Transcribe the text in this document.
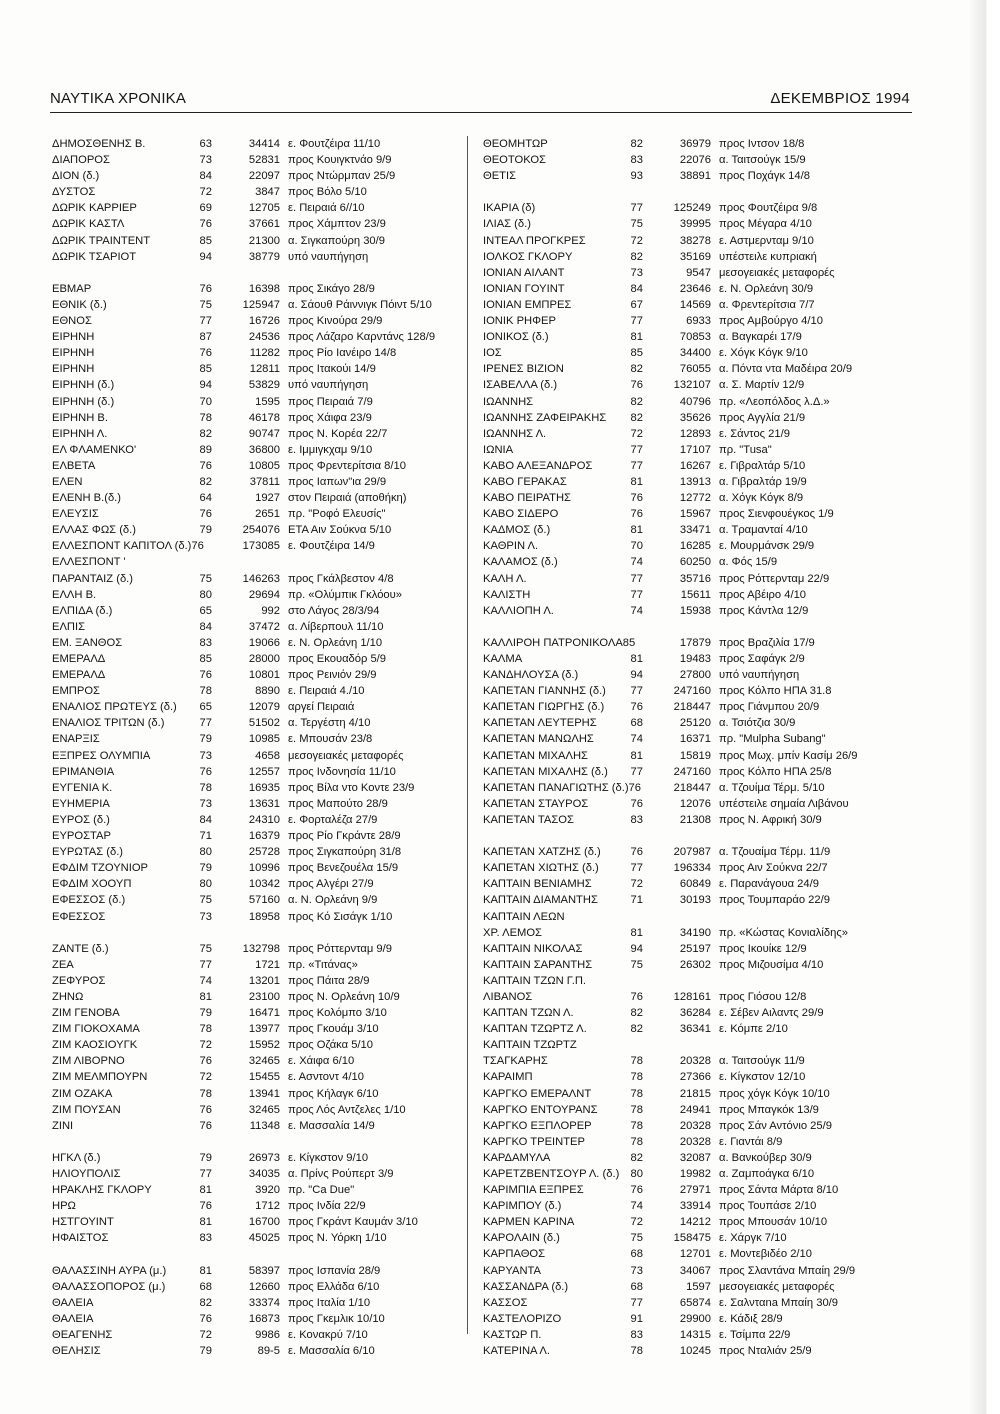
ΝΑΥΤΙΚΑ ΧΡΟΝΙΚΑ	ΔΕΚΕΜΒΡΙΟΣ 1994
ΔΗΜΟΣΘΕΝΗΣ Β.	63	34414 ε. Φουτζέιρα 11/10
ΔΙΑΠΟΡΟΣ	73	52831 προς Κουιγκτνάο 9/9
ΔΙΟΝ (δ.)	84	22097 προς Ντώρμπαν 25/9
ΔΥΣΤΟΣ	72	3847 προς Βόλο 5/10
ΔΩΡΙΚ ΚΑΡΡΙΕΡ	69	12705 ε. Πειραιά 6//10
ΔΩΡΙΚ ΚΑΣΤΛ	76	37661 προς Χάμπτον 23/9
ΔΩΡΙΚ ΤΡΑΙΝΤΕΝΤ	85	21300 α. Σιγκαπούρη 30/9
ΔΩΡΙΚ ΤΣΑΡΙΟΤ	94	38779 υπό ναυπήγηση
ΕΒΜΑΡ	76	16398 προς Σικάγο 28/9
ΕΘΝΙΚ (δ.)	75	125947 α. Σάουθ Ράιννιγκ Πόιντ 5/10
ΕΘΝΟΣ	77	16726 προς Κινούρα 29/9
ΕΙΡΗΝΗ	87	24536 προς Λάζαρο Καρντάνς 128/9
ΕΙΡΗΝΗ	76	11282 προς Ρίο Ιανέιρο 14/8
ΕΙΡΗΝΗ	85	12811 προς Ιτακούι 14/9
ΕΙΡΗΝΗ (δ.)	94	53829 υπό ναυπήγηση
ΕΙΡΗΝΗ (δ.)	70	1595 προς Πειραιά 7/9
ΕΙΡΗΝΗ Β.	78	46178 προς Χάιφα 23/9
ΕΙΡΗΝΗ Λ.	82	90747 προς Ν. Κορέα 22/7
ΕΛ ΦΛΑΜΕΝΚΟ'	89	36800 ε. Ιμμιγκχαμ 9/10
ΕΛΒΕΤΑ	76	10805 προς Φρεντερίτσια 8/10
ΕΛΕΝ	82	37811 προς Ιαπων"ια 29/9
ΕΛΕΝΗ Β.(δ.)	64	1927 στον Πειραιά (αποθήκη)
ΕΛΕΥΣΙΣ	76	2651 πρ. "Ροφό Ελευσίς"
ΕΛΛΑΣ ΦΩΣ (δ.)	79	254076 ΕΤΑ Αιν Σούκνα 5/10
ΕΛΛΕΣΠΟΝΤ ΚΑΠΙΤΟΛ (δ.)76	173085 ε. Φουτζέιρα 14/9
ΕΛΛΕΣΠΟΝΤ '
ΠΑΡΑΝΤΑΙΖ (δ.)	75	146263 προς Γκάλβεστον 4/8
ΕΛΛΗ Β.	80	29694 πρ. «Ολύμπικ Γκλόου»
ΕΛΠΙΔΑ (δ.)	65	992 στο Λάγος 28/3/94
ΕΛΠΙΣ	84	37472 α. Λίβερπουλ 11/10
ΕΜ. ΞΑΝΘΟΣ	83	19066 ε. Ν. Ορλεάνη 1/10
ΕΜΕΡΑΛΔ	85	28000 προς Εκουαδόρ 5/9
ΕΜΕΡΑΛΔ	76	10801 προς Ρεινιόν 29/9
ΕΜΠΡΟΣ	78	8890 ε. Πειραιά 4./10
ΕΝΑΛΙΟΣ ΠΡΩΤΕΥΣ (δ.)	65	12079 αργεί Πειραιά
ΕΝΑΛΙΟΣ ΤΡΙΤΩΝ (δ.)	77	51502 α. Τεργέστη 4/10
ΕΝΑΡΞΙΣ	79	10985 ε. Μπουσάν 23/8
ΕΞΠΡΕΣ ΟΛΥΜΠΙΑ	73	4658 μεσογειακές μεταφορές
ΕΡΙΜΑΝΘΙΑ	76	12557 προς Ινδονησία 11/10
ΕΥΓΕΝΙΑ Κ.	78	16935 προς Βίλα ντο Κοντε 23/9
ΕΥΗΜΕΡΙΑ	73	13631 προς Μαπούτο 28/9
ΕΥΡΟΣ (δ.)	84	24310 ε. Φορταλέζα 27/9
ΕΥΡΟΣΤΑΡ	71	16379 προς Ρίο Γκράντε 28/9
ΕΥΡΩΤΑΣ (δ.)	80	25728 προς Σιγκαπούρη 31/8
ΕΦΔΙΜ ΤΖΟΥΝΙΟΡ	79	10996 προς Βενεζουέλα 15/9
ΕΦΔΙΜ ΧΟΟΥΠ	80	10342 προς Αλγέρι 27/9
ΕΦΕΣΣΟΣ (δ.)	75	57160 α. Ν. Ορλεάνη 9/9
ΕΦΕΣΣΟΣ	73	18958 προς Κό Σισάγκ 1/10
ΖΑΝΤΕ (δ.)	75	132798 προς Ρόττερνταμ 9/9
ΖΕΑ	77	1721 πρ. «Τιτάνας»
ΖΕΦΥΡΟΣ	74	13201 προς Πάιτα 28/9
ΖΗΝΩ	81	23100 προς Ν. Ορλεάνη 10/9
ΖΙΜ ΓΕΝΟΒΑ	79	16471 προς Κολόμπο 3/10
ΖΙΜ ΓΙΟΚΟΧΑΜΑ	78	13977 προς Γκουάμ 3/10
ΖΙΜ ΚΑΟΣΙΟΥΓΚ	72	15952 προς Οζάκα 5/10
ΖΙΜ ΛΙΒΟΡΝΟ	76	32465 ε. Χάιφα 6/10
ΖΙΜ ΜΕΛΜΠΟΥΡΝ	72	15455 ε. Ασντοντ 4/10
ΖΙΜ ΟΖΑΚΑ	78	13941 προς Κήλαγκ 6/10
ΖΙΜ ΠΟΥΣΑΝ	76	32465 προς Λός Αντζελες 1/10
ΖΙΝΙ	76	11348 ε. Μασσαλία 14/9
ΗΓΚΛ (δ.)	79	26973 ε. Κίγκστον 9/10
ΗΛΙΟΥΠΟΛΙΣ	77	34035 α. Πρίνς Ρούπερτ 3/9
ΗΡΑΚΛΗΣ ΓΚΛΟΡΥ	81	3920 πρ. "Ca Due"
ΗΡΩ	76	1712 προς Ινδία 22/9
ΗΣΤΓΟΥΙΝΤ	81	16700 προς Γκράντ Καυμάν 3/10
ΗΦΑΙΣΤΟΣ	83	45025 προς Ν. Υόρκη 1/10
ΘΑΛΑΣΣΙΝΗ ΑΥΡΑ (μ.)	81	58397 προς Ισπανία 28/9
ΘΑΛΑΣΣΟΠΟΡΟΣ (μ.)	68	12660 προς Ελλάδα 6/10
ΘΑΛΕΙΑ	82	33374 προς Ιταλία 1/10
ΘΑΛΕΙΑ	76	16873 προς Γκεμλικ 10/10
ΘΕΑΓΕΝΗΣ	72	9986 ε. Κονακρύ 7/10
ΘΕΛΗΣΙΣ	79	89-5 ε. Μασσαλία 6/10
ΘΕΟΜΗΤΩΡ	82	36979 προς Ιντσον 18/8
ΘΕΟΤΟΚΟΣ	83	22076 α. Ταιτσούγκ 15/9
ΘΕΤΙΣ	93	38891 προς Ποχάγκ 14/8
ΙΚΑΡΙΑ (δ)	77	125249 προς Φουτζέιρα 9/8
ΙΛΙΑΣ (δ.)	75	39995 προς Μέγαρα 4/10
ΙΝΤΕΑΛ ΠΡΟΓΚΡΕΣ	72	38278 ε. Αστμερνταμ 9/10
ΙΟΛΚΟΣ ΓΚΛΟΡΥ	82	35169 υπέστειλε κυπριακή
ΙΟΝΙΑΝ ΑΙΛΑΝΤ	73	9547 μεσογειακές μεταφορές
ΙΟΝΙΑΝ ΓΟΥΙΝΤ	84	23646 ε. Ν. Ορλεάνη 30/9
ΙΟΝΙΑΝ ΕΜΠΡΕΣ	67	14569 α. Φρεντερίτσια 7/7
ΙΟΝΙΚ ΡΗΦΕΡ	77	6933 προς Αμβούργο 4/10
ΙΟΝΙΚΟΣ (δ.)	81	70853 α. Βαγκαρέι 17/9
ΙΟΣ	85	34400 ε. Χόγκ Κόγκ 9/10
ΙΡΕΝΕΣ ΒΙΖΙΟΝ	82	76055 α. Πόντα ντα Μαδέιρα 20/9
ΙΣΑΒΕΛΛΑ (δ.)	76	132107 α. Σ. Μαρτίν 12/9
ΙΩΑΝΝΗΣ	82	40796 πρ. «Λεοπόλδος λ.Δ.»
ΙΩΑΝΝΗΣ ΖΑΦΕΙΡΑΚΗΣ	82	35626 προς Αγγλία 21/9
ΙΩΑΝΝΗΣ Λ.	72	12893 ε. Σάντος 21/9
ΙΩΝΙΑ	77	17107 πρ. "Tusa"
ΚΑΒΟ ΑΛΕΞΑΝΔΡΟΣ	77	16267 ε. Γιβραλτάρ 5/10
ΚΑΒΟ ΓΕΡΑΚΑΣ	81	13913 α. Γιβραλτάρ 19/9
ΚΑΒΟ ΠΕΙΡΑΤΗΣ	76	12772 α. Χόγκ Κόγκ 8/9
ΚΑΒΟ ΣΙΔΕΡΟ	76	15967 προς Σιενφουέγκος 1/9
ΚΑΔΜΟΣ (δ.)	81	33471 α. Τραμανταί 4/10
ΚΑΘΡΙΝ Λ.	70	16285 ε. Μουρμάνσκ 29/9
ΚΑΛΑΜΟΣ (δ.)	74	60250 α. Φός 15/9
ΚΑΛΗ Λ.	77	35716 προς Ρόττερνταμ 22/9
ΚΑΛΙΣΤΗ	77	15611 προς Αβέιρο 4/10
ΚΑΛΛΙΟΠΗ Λ.	74	15938 προς Κάντλα 12/9
ΚΑΛΛΙΡΟΗ ΠΑΤΡΟΝΙΚΟΛΑ85	17879 προς Βραζιλία 17/9
ΚΑΛΜΑ	81	19483 προς Σαφάγκ 2/9
ΚΑΝΔΗΛΟΥΣΑ (δ.)	94	27800 υπό ναυπήγηση
ΚΑΠΕΤΑΝ ΓΙΑΝΝΗΣ (δ.)	77	247160 προς Κόλπο ΗΠΑ 31.8
ΚΑΠΕΤΑΝ ΓΙΩΡΓΗΣ (δ.)	76	218447 προς Γιάνμπου 20/9
ΚΑΠΕΤΑΝ ΛΕΥΤΕΡΗΣ	68	25120 α. Τσιότζια 30/9
ΚΑΠΕΤΑΝ ΜΑΝΩΛΗΣ	74	16371 πρ. "Mulpha Subang"
ΚΑΠΕΤΑΝ ΜΙΧΑΛΗΣ	81	15819 προς Μωχ. μπίν Κασίμ 26/9
ΚΑΠΕΤΑΝ ΜΙΧΑΛΗΣ (δ.)	77	247160 προς Κόλπο ΗΠΑ 25/8
ΚΑΠΕΤΑΝ ΠΑΝΑΓΙΩΤΗΣ (δ.)76	218447 α. Τζουίμα Τέρμ. 5/10
ΚΑΠΕΤΑΝ ΣΤΑΥΡΟΣ	76	12076 υπέστειλε σημαία Λιβάνου
ΚΑΠΕΤΑΝ ΤΑΣΟΣ	83	21308 προς Ν. Αφρική 30/9
ΚΑΠΕΤΑΝ ΧΑΤΖΗΣ (δ.)	76	207987 α. Τζουαίμα Τέρμ. 11/9
ΚΑΠΕΤΑΝ ΧΙΩΤΗΣ (δ.)	77	196334 προς Αιν Σούκνα 22/7
ΚΑΠΤΑΙΝ ΒΕΝΙΑΜΗΣ	72	60849 ε. Παρανάγουα 24/9
ΚΑΠΤΑΙΝ ΔΙΑΜΑΝΤΗΣ	71	30193 προς Τουμπαράο 22/9
ΚΑΠΤΑΙΝ ΛΕΩΝ
ΧΡ. ΛΕΜΟΣ	81	34190 πρ. «Κώστας Κονιαλίδης»
ΚΑΠΤΑΙΝ ΝΙΚΟΛΑΣ	94	25197 προς Ικουίκε 12/9
ΚΑΠΤΑΙΝ ΣΑΡΑΝΤΗΣ	75	26302 προς Μιζουσίμα 4/10
ΚΑΠΤΑΙΝ ΤΖΩΝ Γ.Π.
ΛΙΒΑΝΟΣ	76	128161 προς Γιόσου 12/8
ΚΑΠΤΑΝ ΤΖΩΝ Λ.	82	36284 ε. Σέβεν Αιλαντς 29/9
ΚΑΠΤΑΝ ΤΖΩΡΤΖ Λ.	82	36341 ε. Κόμπε 2/10
ΚΑΠΤΑΙΝ ΤΖΩΡΤΖ
ΤΣΑΓΚΑΡΗΣ	78	20328 α. Ταιτσούγκ 11/9
ΚΑΡΑΙΜΠ	78	27366 ε. Κίγκστον 12/10
ΚΑΡΓΚΟ ΕΜΕΡΑΛΝΤ	78	21815 προς χόγκ Κόγκ 10/10
ΚΑΡΓΚΟ ΕΝΤΟΥΡΑΝΣ	78	24941 προς Μπαγκόκ 13/9
ΚΑΡΓΚΟ ΕΞΠΛΟΡΕΡ	78	20328 προς Σάν Αντόνιο 25/9
ΚΑΡΓΚΟ ΤΡΕΙΝΤΕΡ	78	20328 ε. Γιαντάι 8/9
ΚΑΡΔΑΜΥΛΑ	82	32087 α. Βανκούβερ 30/9
ΚΑΡΕΤΖΒΕΝΤΣΟΥΡ Λ. (δ.)	80	19982 α. Ζαμποάγκα 6/10
ΚΑΡΙΜΠΙΑ ΕΞΠΡΕΣ	76	27971 προς Σάντα Μάρτα 8/10
ΚΑΡΙΜΠΟΥ (δ.)	74	33914 προς Τουπάσε 2/10
ΚΑΡΜΕΝ ΚΑΡΙΝΑ	72	14212 προς Μπουσάν 10/10
ΚΑΡΟΛΑΙΝ (δ.)	75	158475 ε. Χάργκ 7/10
ΚΑΡΠΑΘΟΣ	68	12701 ε. Μοντεβιδέο 2/10
ΚΑΡΥΑΝΤΑ	73	34067 προς Σλαντάνα Μπαίη 29/9
ΚΑΣΣΑΝΔΡΑ (δ.)	68	1597 μεσογειακές μεταφορές
ΚΑΣΣΟΣ	77	65874 ε. Σαλνταna Μπαίη 30/9
ΚΑΣΤΕΛΟΡΙΖΟ	91	29900 ε. Κάδιξ 28/9
ΚΑΣΤΩΡ Π.	83	14315 ε. Τσίμπα 22/9
ΚΑΤΕΡΙΝΑ Λ.	78	10245 προς Νταλιάν 25/9
